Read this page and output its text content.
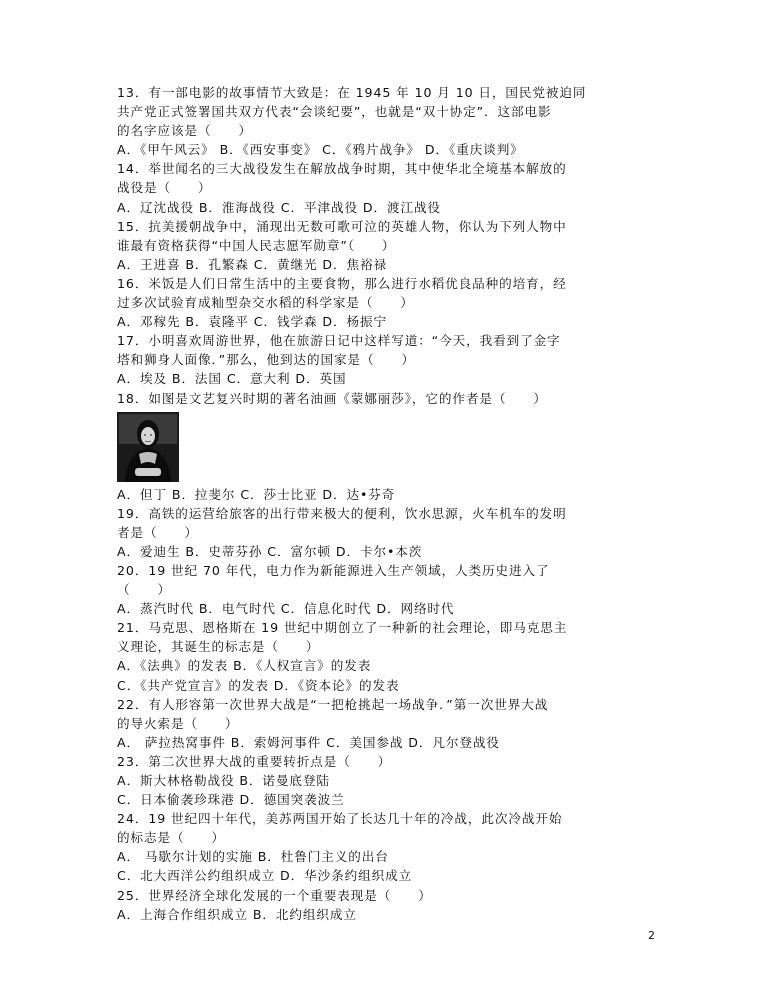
13．有一部电影的故事情节大致是：在 1945 年 10 月 10 日，国民党被迫同
共产党正式签署国共双方代表“会谈纪要”，也就是“双十协定”．这部电影
的名字应该是（　　）
A．《甲午风云》 B．《西安事变》 C．《鸦片战争》 D．《重庆谈判》
14．举世闻名的三大战役发生在解放战争时期，其中使华北全境基本解放的
战役是（　　）
A．辽沈战役 B．淮海战役 C．平津战役 D．渡江战役
15．抗美援朝战争中，涌现出无数可歌可泣的英雄人物，你认为下列人物中
谁最有资格获得“中国人民志愿军勋章”（　　）
A．王进喜 B．孔繁森 C．黄继光 D．焦裕禄
16．米饭是人们日常生活中的主要食物，那么进行水稻优良品种的培育，经
过多次试验育成籼型杂交水稻的科学家是（　　）
A．邓稼先 B．袁隆平 C．钱学森 D．杨振宁
17．小明喜欢周游世界，他在旅游日记中这样写道：“今天，我看到了金字
塔和狮身人面像．”那么，他到达的国家是（　　）
A．埃及 B．法国 C．意大利 D．英国
18．如图是文艺复兴时期的著名油画《蒙娜丽莎》，它的作者是（　　）
A．但丁 B．拉斐尔 C．莎士比亚 D．达•芬奇
19．高铁的运营给旅客的出行带来极大的便利，饮水思源，火车机车的发明
者是（　　）
A．爱迪生 B．史蒂芬孙 C．富尔顿 D．卡尔•本茨
20．19 世纪 70 年代，电力作为新能源进入生产领域，人类历史进入了
（　　）
A．蒸汽时代 B．电气时代 C．信息化时代 D．网络时代
21．马克思、恩格斯在 19 世纪中期创立了一种新的社会理论，即马克思主
义理论，其诞生的标志是（　　）
A．《法典》的发表 B．《人权宣言》的发表
C．《共产党宣言》的发表 D．《资本论》的发表
22．有人形容第一次世界大战是“一把枪挑起一场战争．”第一次世界大战
的导火索是（　　）
A． 萨拉热窝事件 B．索姆河事件 C．美国参战 D．凡尔登战役
23．第二次世界大战的重要转折点是（　　）
A．斯大林格勒战役 B．诺曼底登陆
C．日本偷袭珍珠港 D．德国突袭波兰
24．19 世纪四十年代，美苏两国开始了长达几十年的冷战，此次冷战开始
的标志是（　　）
A． 马歇尔计划的实施 B．杜鲁门主义的出台
C．北大西洋公约组织成立 D．华沙条约组织成立
25．世界经济全球化发展的一个重要表现是（　　）
A．上海合作组织成立 B．北约组织成立
2
